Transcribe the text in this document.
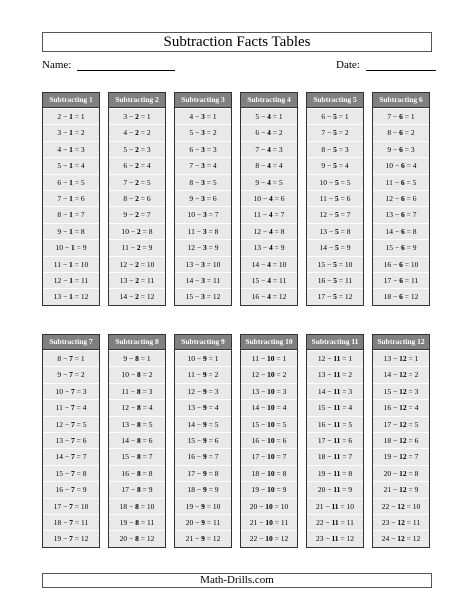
Subtraction Facts Tables
Name:	Date:
Subtracting 1
2 − 1 = 1
3 − 1 = 2
4 − 1 = 3
5 − 1 = 4
6 − 1 = 5
7 − 1 = 6
8 − 1 = 7
9 − 1 = 8
10 − 1 = 9
11 − 1 = 10
12 − 1 = 11
13 − 1 = 12
Subtracting 2
3 − 2 = 1
4 − 2 = 2
5 − 2 = 3
6 − 2 = 4
7 − 2 = 5
8 − 2 = 6
9 − 2 = 7
10 − 2 = 8
11 − 2 = 9
12 − 2 = 10
13 − 2 = 11
14 − 2 = 12
Subtracting 3
4 − 3 = 1
5 − 3 = 2
6 − 3 = 3
7 − 3 = 4
8 − 3 = 5
9 − 3 = 6
10 − 3 = 7
11 − 3 = 8
12 − 3 = 9
13 − 3 = 10
14 − 3 = 11
15 − 3 = 12
Subtracting 4
5 − 4 = 1
6 − 4 = 2
7 − 4 = 3
8 − 4 = 4
9 − 4 = 5
10 − 4 = 6
11 − 4 = 7
12 − 4 = 8
13 − 4 = 9
14 − 4 = 10
15 − 4 = 11
16 − 4 = 12
Subtracting 5
6 − 5 = 1
7 − 5 = 2
8 − 5 = 3
9 − 5 = 4
10 − 5 = 5
11 − 5 = 6
12 − 5 = 7
13 − 5 = 8
14 − 5 = 9
15 − 5 = 10
16 − 5 = 11
17 − 5 = 12
Subtracting 6
7 − 6 = 1
8 − 6 = 2
9 − 6 = 3
10 − 6 = 4
11 − 6 = 5
12 − 6 = 6
13 − 6 = 7
14 − 6 = 8
15 − 6 = 9
16 − 6 = 10
17 − 6 = 11
18 − 6 = 12
Subtracting 7
8 − 7 = 1
9 − 7 = 2
10 − 7 = 3
11 − 7 = 4
12 − 7 = 5
13 − 7 = 6
14 − 7 = 7
15 − 7 = 8
16 − 7 = 9
17 − 7 = 10
18 − 7 = 11
19 − 7 = 12
Subtracting 8
9 − 8 = 1
10 − 8 = 2
11 − 8 = 3
12 − 8 = 4
13 − 8 = 5
14 − 8 = 6
15 − 8 = 7
16 − 8 = 8
17 − 8 = 9
18 − 8 = 10
19 − 8 = 11
20 − 8 = 12
Subtracting 9
10 − 9 = 1
11 − 9 = 2
12 − 9 = 3
13 − 9 = 4
14 − 9 = 5
15 − 9 = 6
16 − 9 = 7
17 − 9 = 8
18 − 9 = 9
19 − 9 = 10
20 − 9 = 11
21 − 9 = 12
Subtracting 10
11 − 10 = 1
12 − 10 = 2
13 − 10 = 3
14 − 10 = 4
15 − 10 = 5
16 − 10 = 6
17 − 10 = 7
18 − 10 = 8
19 − 10 = 9
20 − 10 = 10
21 − 10 = 11
22 − 10 = 12
Subtracting 11
12 − 11 = 1
13 − 11 = 2
14 − 11 = 3
15 − 11 = 4
16 − 11 = 5
17 − 11 = 6
18 − 11 = 7
19 − 11 = 8
20 − 11 = 9
21 − 11 = 10
22 − 11 = 11
23 − 11 = 12
Subtracting 12
13 − 12 = 1
14 − 12 = 2
15 − 12 = 3
16 − 12 = 4
17 − 12 = 5
18 − 12 = 6
19 − 12 = 7
20 − 12 = 8
21 − 12 = 9
22 − 12 = 10
23 − 12 = 11
24 − 12 = 12
Math-Drills.com
